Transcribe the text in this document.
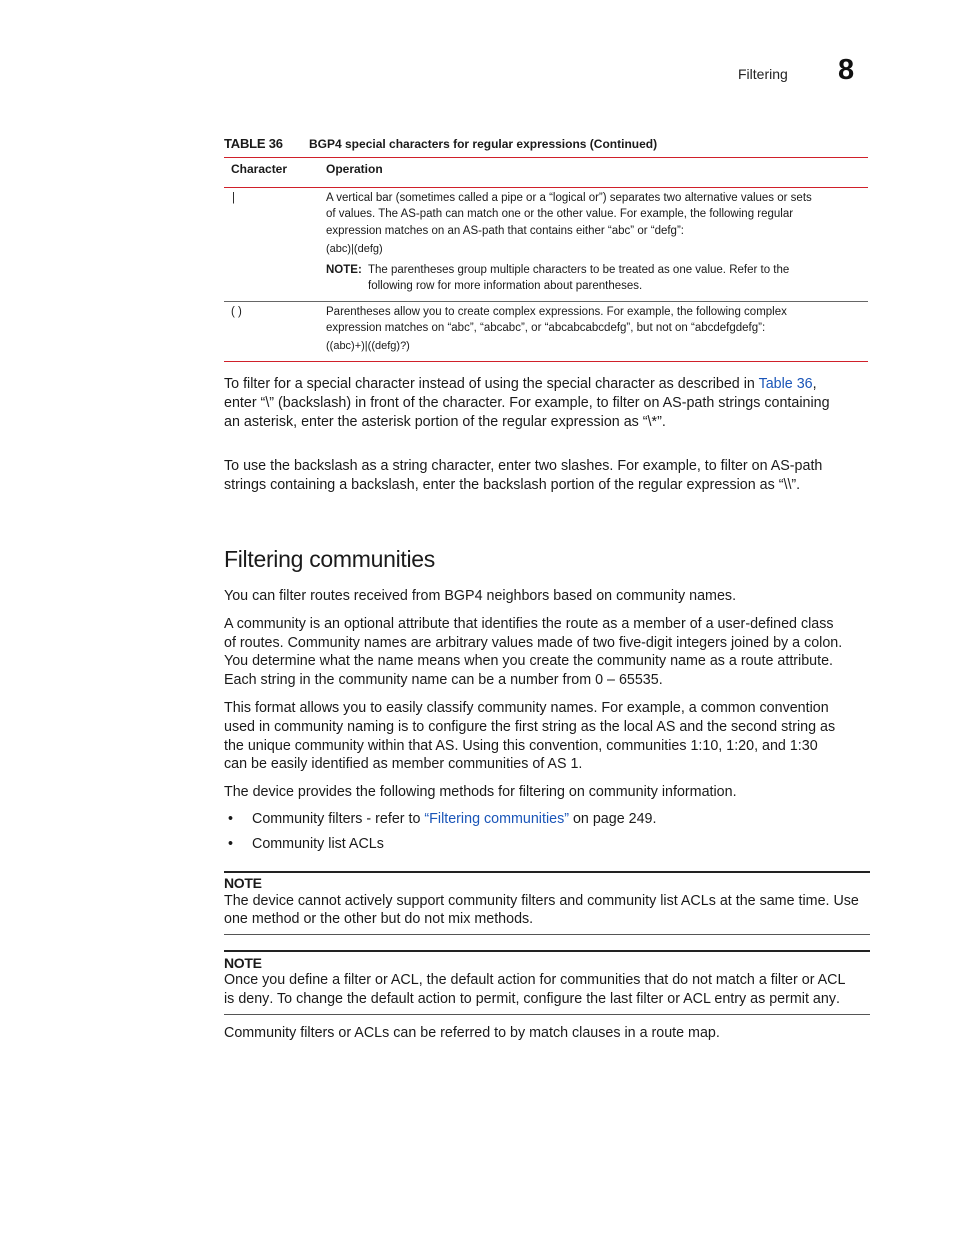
Filtering 8
TABLE 36 BGP4 special characters for regular expressions (Continued)
Character	Operation
|	A vertical bar (sometimes called a pipe or a “logical or”) separates two alternative values or sets
of values. The AS-path can match one or the other value. For example, the following regular
expression matches on an AS-path that contains either “abc” or “defg”:
(abc)|(defg)
NOTE: The parentheses group multiple characters to be treated as one value. Refer to the
following row for more information about parentheses.
( )	Parentheses allow you to create complex expressions. For example, the following complex
expression matches on “abc”, “abcabc”, or “abcabcabcdefg”, but not on “abcdefgdefg”:
((abc)+)|((defg)?)
To filter for a special character instead of using the special character as described in Table 36,
enter “\” (backslash) in front of the character. For example, to filter on AS-path strings containing
an asterisk, enter the asterisk portion of the regular expression as “\*”.
To use the backslash as a string character, enter two slashes. For example, to filter on AS-path
strings containing a backslash, enter the backslash portion of the regular expression as “\\”.
Filtering communities
You can filter routes received from BGP4 neighbors based on community names.
A community is an optional attribute that identifies the route as a member of a user-defined class
of routes. Community names are arbitrary values made of two five-digit integers joined by a colon.
You determine what the name means when you create the community name as a route attribute.
Each string in the community name can be a number from 0 – 65535.
This format allows you to easily classify community names. For example, a common convention
used in community naming is to configure the first string as the local AS and the second string as
the unique community within that AS. Using this convention, communities 1:10, 1:20, and 1:30
can be easily identified as member communities of AS 1.
The device provides the following methods for filtering on community information.
• Community filters - refer to “Filtering communities” on page 249.
• Community list ACLs
NOTE
The device cannot actively support community filters and community list ACLs at the same time. Use
one method or the other but do not mix methods.
NOTE
Once you define a filter or ACL, the default action for communities that do not match a filter or ACL
is deny. To change the default action to permit, configure the last filter or ACL entry as permit any.
Community filters or ACLs can be referred to by match clauses in a route map.
